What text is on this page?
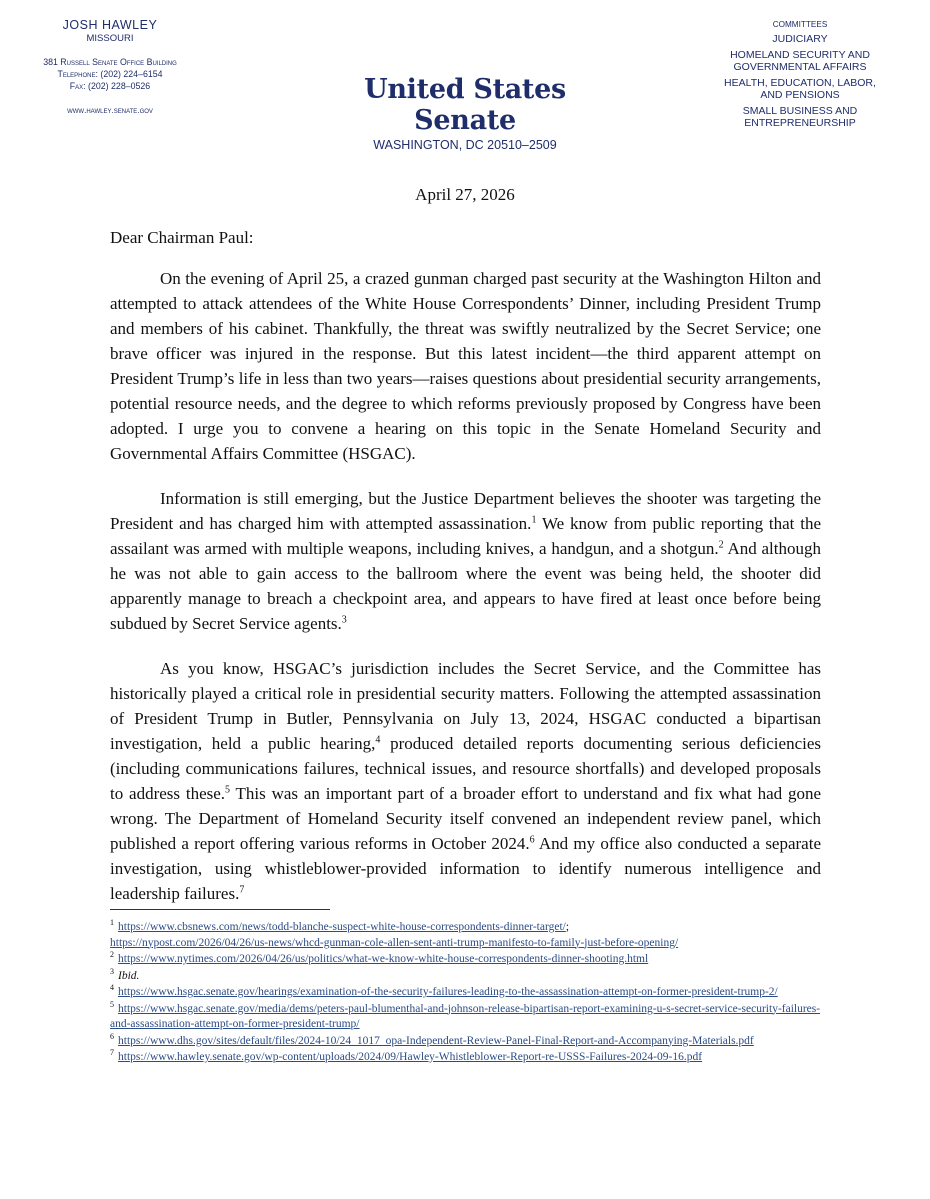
JOSH HAWLEY
MISSOURI
381 Russell Senate Office Building
Telephone: (202) 224–6154
Fax: (202) 228–0526
www.hawley.senate.gov
United States Senate
WASHINGTON, DC 20510–2509
COMMITTEES
JUDICIARY
HOMELAND SECURITY AND GOVERNMENTAL AFFAIRS
HEALTH, EDUCATION, LABOR, AND PENSIONS
SMALL BUSINESS AND ENTREPRENEURSHIP
April 27, 2026
Dear Chairman Paul:

On the evening of April 25, a crazed gunman charged past security at the Washington Hilton and attempted to attack attendees of the White House Correspondents’ Dinner, including President Trump and members of his cabinet. Thankfully, the threat was swiftly neutralized by the Secret Service; one brave officer was injured in the response. But this latest incident—the third apparent attempt on President Trump’s life in less than two years—raises questions about presidential security arrangements, potential resource needs, and the degree to which reforms previously proposed by Congress have been adopted. I urge you to convene a hearing on this topic in the Senate Homeland Security and Governmental Affairs Committee (HSGAC).

Information is still emerging, but the Justice Department believes the shooter was targeting the President and has charged him with attempted assassination.$^1$ We know from public reporting that the assailant was armed with multiple weapons, including knives, a handgun, and a shotgun.$^2$ And although he was not able to gain access to the ballroom where the event was being held, the shooter did apparently manage to breach a checkpoint area, and appears to have fired at least once before being subdued by Secret Service agents.$^3$

As you know, HSGAC’s jurisdiction includes the Secret Service, and the Committee has historically played a critical role in presidential security matters. Following the attempted assassination of President Trump in Butler, Pennsylvania on July 13, 2024, HSGAC conducted a bipartisan investigation, held a public hearing,$^4$ produced detailed reports documenting serious deficiencies (including communications failures, technical issues, and resource shortfalls) and developed proposals to address these.$^5$ This was an important part of a broader effort to understand and fix what had gone wrong. The Department of Homeland Security itself convened an independent review panel, which published a report offering various reforms in October 2024.$^6$ And my office also conducted a separate investigation, using whistleblower-provided information to identify numerous intelligence and leadership failures.$^7$

$^1$ https://www.cbsnews.com/news/todd-blanche-suspect-white-house-correspondents-dinner-target/;
https://nypost.com/2026/04/26/us-news/whcd-gunman-cole-allen-sent-anti-trump-manifesto-to-family-just-before-opening/
$^2$ https://www.nytimes.com/2026/04/26/us/politics/what-we-know-white-house-correspondents-dinner-shooting.html
$^3$ Ibid.
$^4$ https://www.hsgac.senate.gov/hearings/examination-of-the-security-failures-leading-to-the-assassination-attempt-on-former-president-trump-2/
$^5$ https://www.hsgac.senate.gov/media/dems/peters-paul-blumenthal-and-johnson-release-bipartisan-report-examining-u-s-secret-service-security-failures-and-assassination-attempt-on-former-president-trump/
$^6$ https://www.dhs.gov/sites/default/files/2024-10/24_1017_opa-Independent-Review-Panel-Final-Report-and-Accompanying-Materials.pdf
$^7$ https://www.hawley.senate.gov/wp-content/uploads/2024/09/Hawley-Whistleblower-Report-re-USSS-Failures-2024-09-16.pdf
